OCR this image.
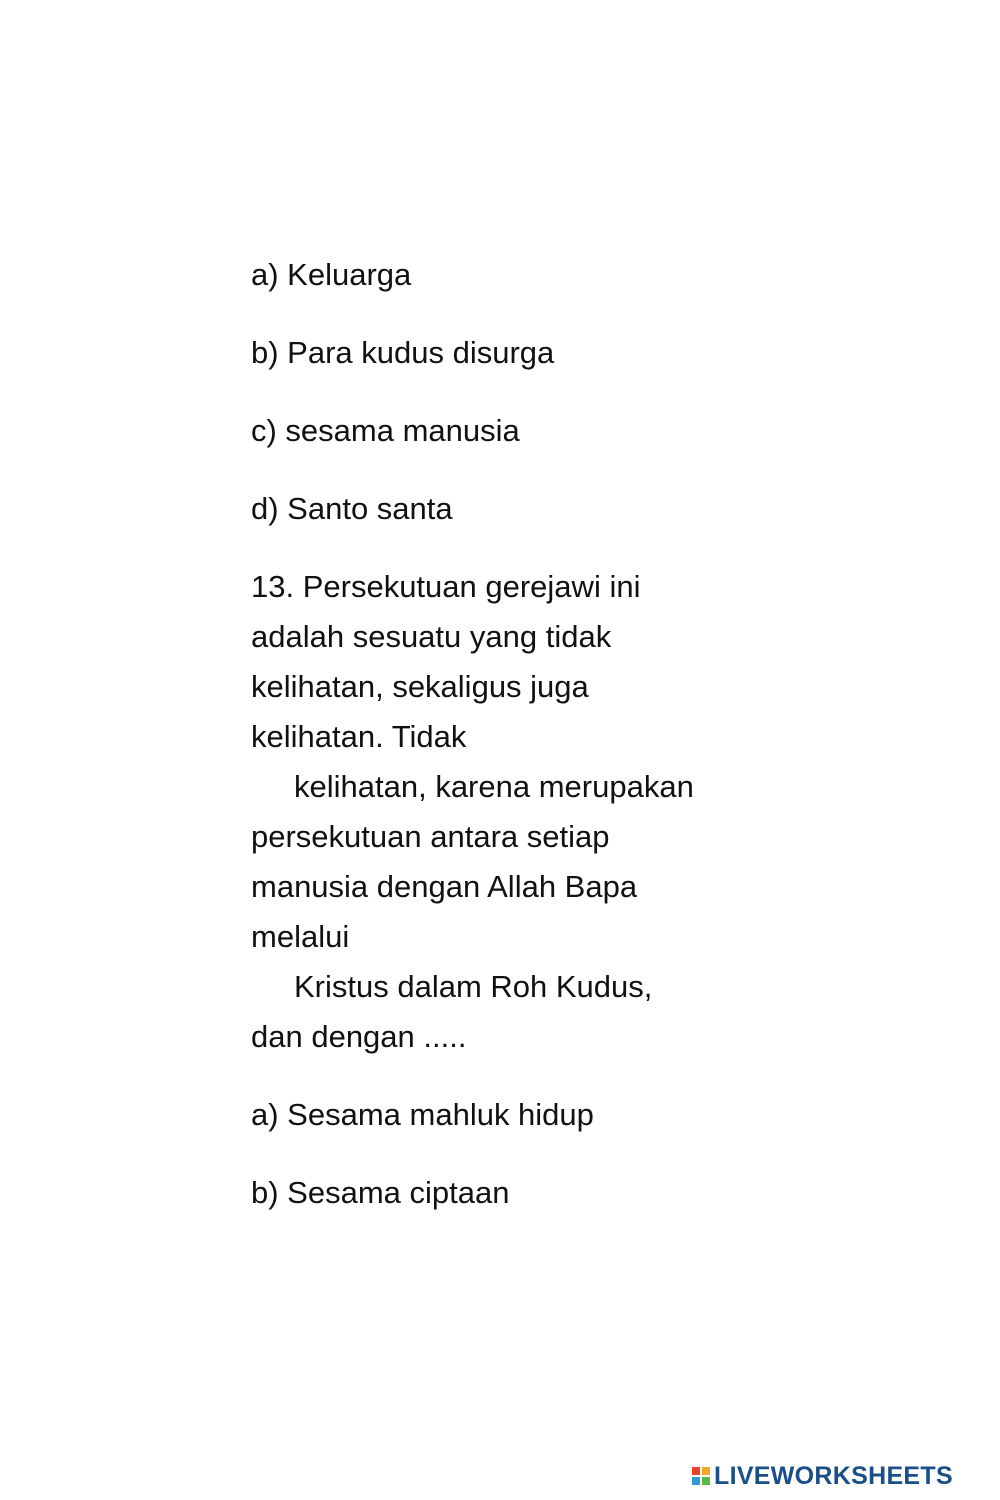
a) Keluarga
b) Para kudus disurga
c) sesama manusia
d) Santo santa
13. Persekutuan gerejawi ini
adalah sesuatu yang tidak
kelihatan, sekaligus juga
kelihatan. Tidak
kelihatan, karena merupakan
persekutuan antara setiap
manusia dengan Allah Bapa
melalui
Kristus dalam Roh Kudus,
dan dengan .....
a) Sesama mahluk hidup
b) Sesama ciptaan
LIVEWORKSHEETS
